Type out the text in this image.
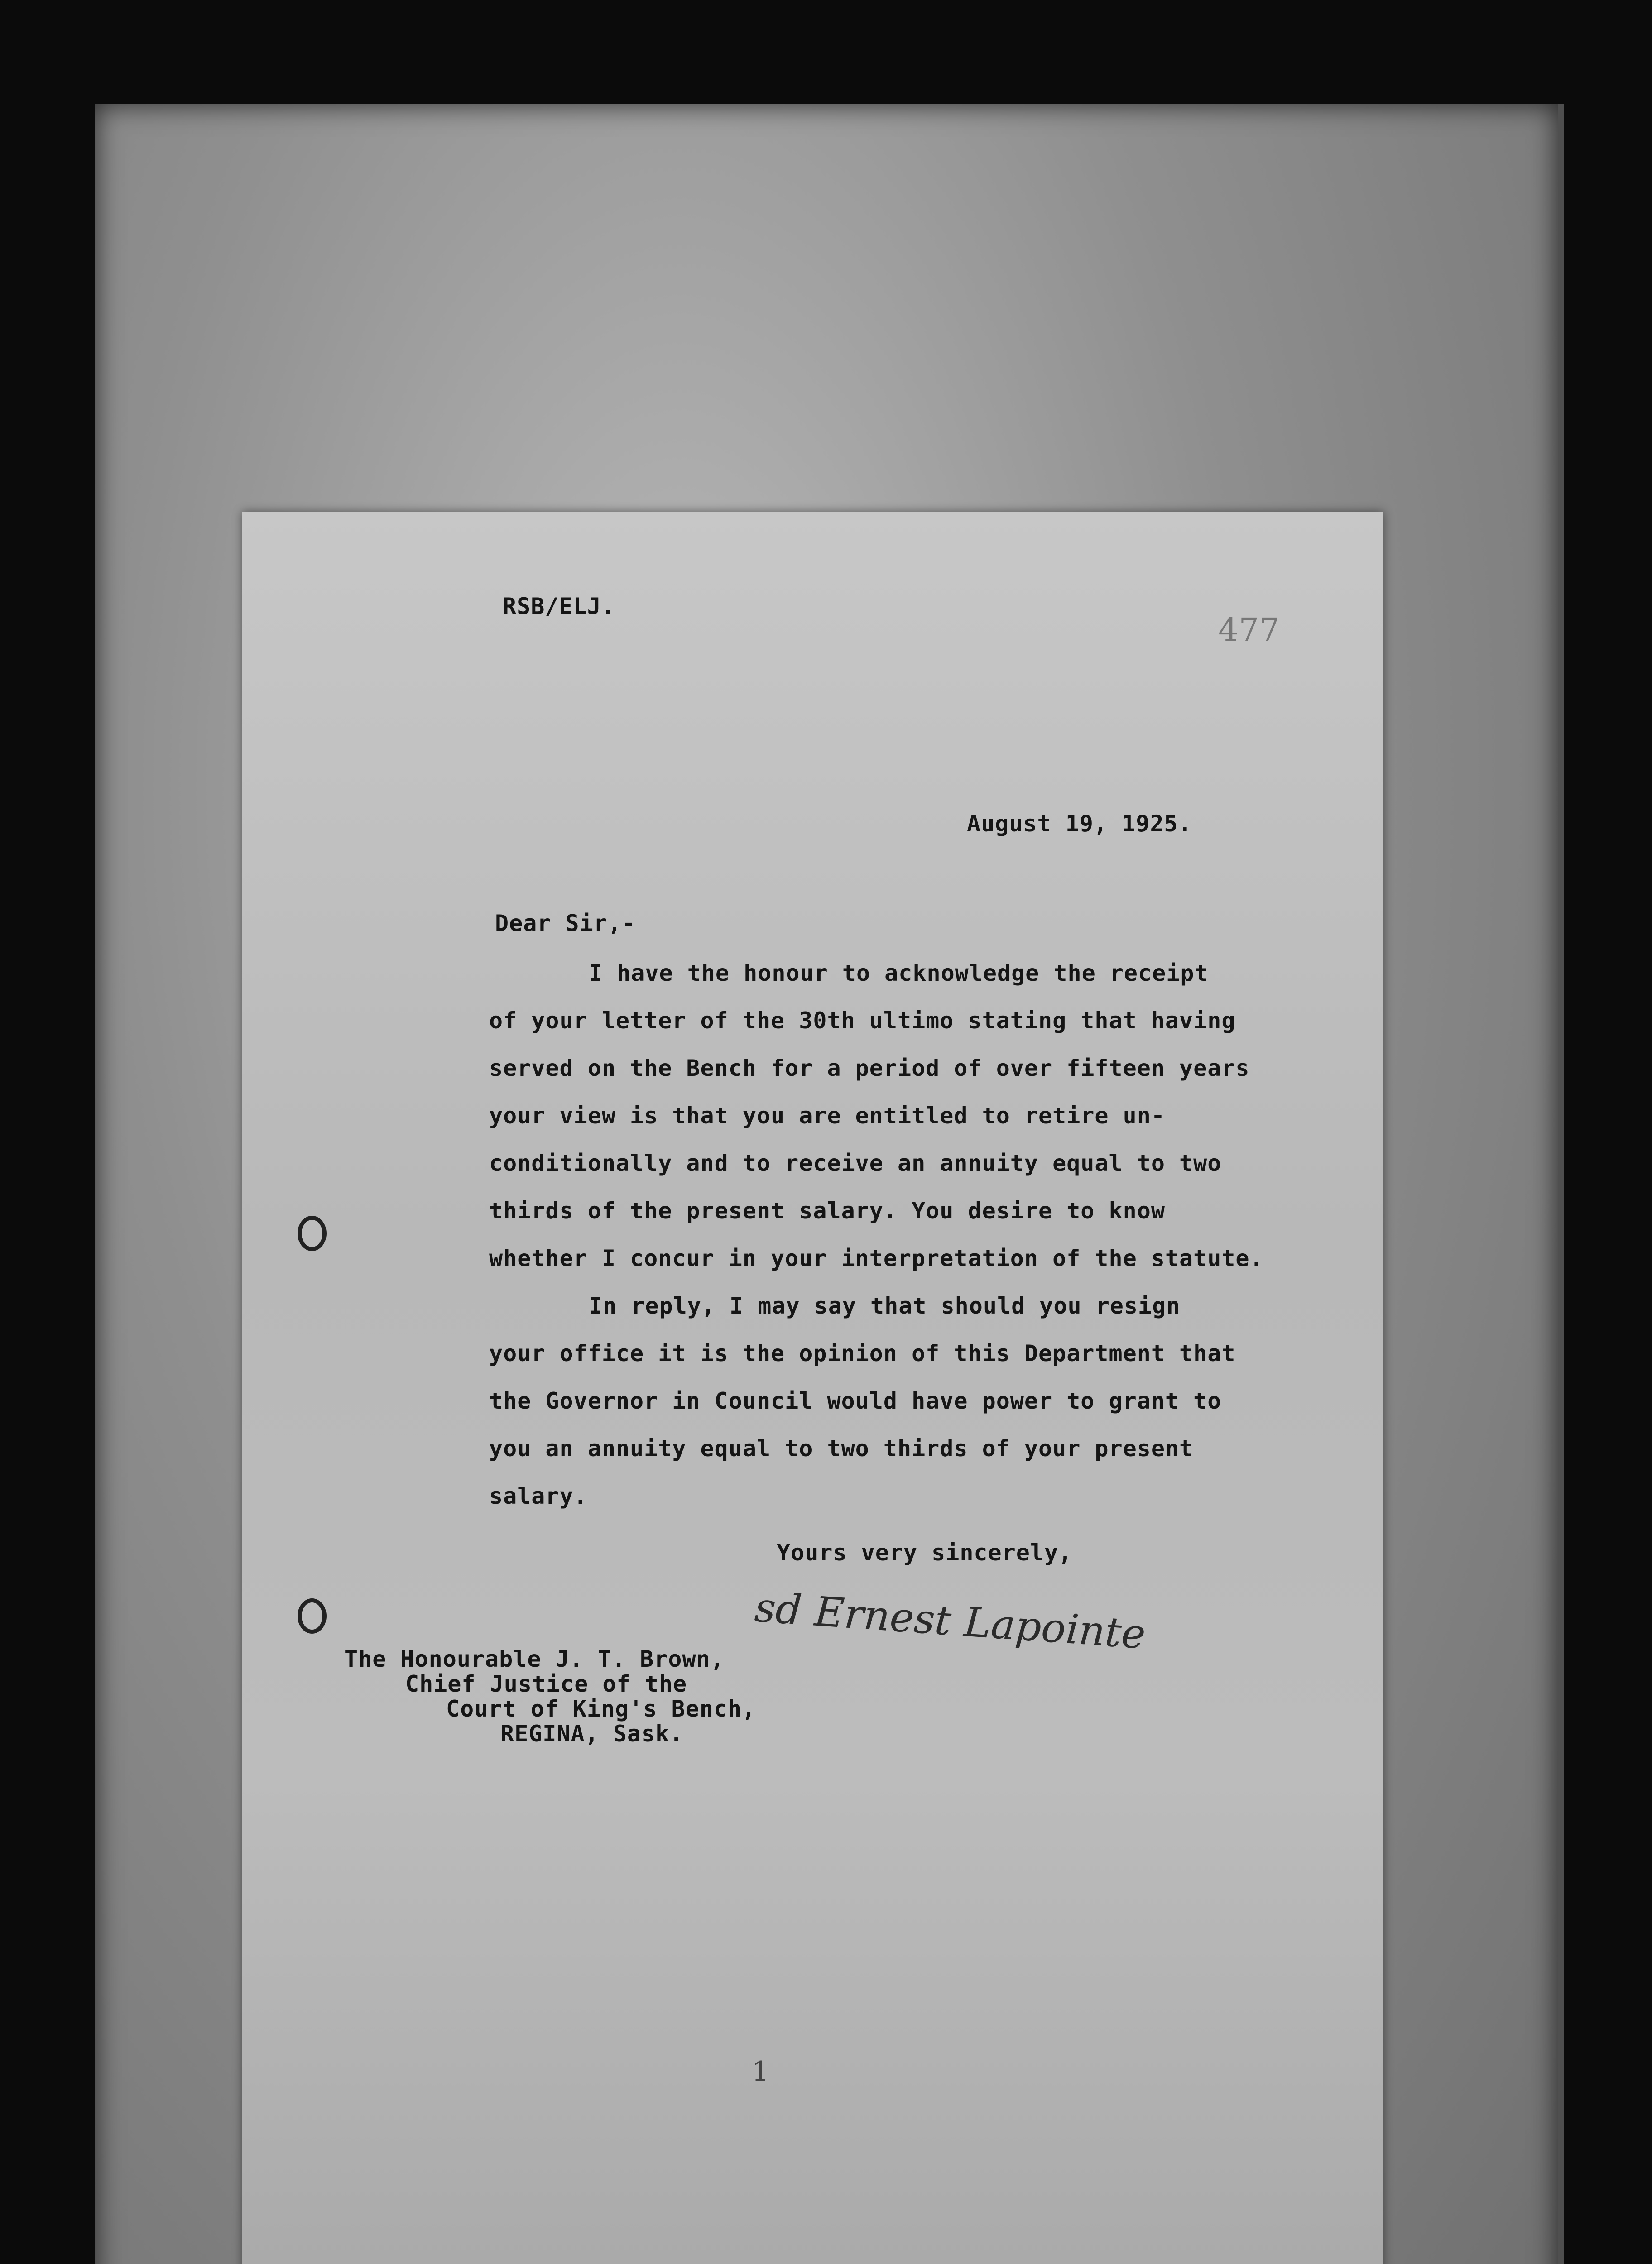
RSB/ELJ.
477
August 19, 1925.
Dear Sir,-
I have the honour to acknowledge the receipt
of your letter of the 30th ultimo stating that having
served on the Bench for a period of over fifteen years
your view is that you are entitled to retire un-
conditionally and to receive an annuity equal to two
thirds of the present salary. You desire to know
whether I concur in your interpretation of the statute.
In reply, I may say that should you resign
your office it is the opinion of this Department that
the Governor in Council would have power to grant to
you an annuity equal to two thirds of your present
salary.
Yours very sincerely,
The Honourable J. T. Brown,
Chief Justice of the
Court of King's Bench,
REGINA, Sask.
sd Ernest Lapointe
1
